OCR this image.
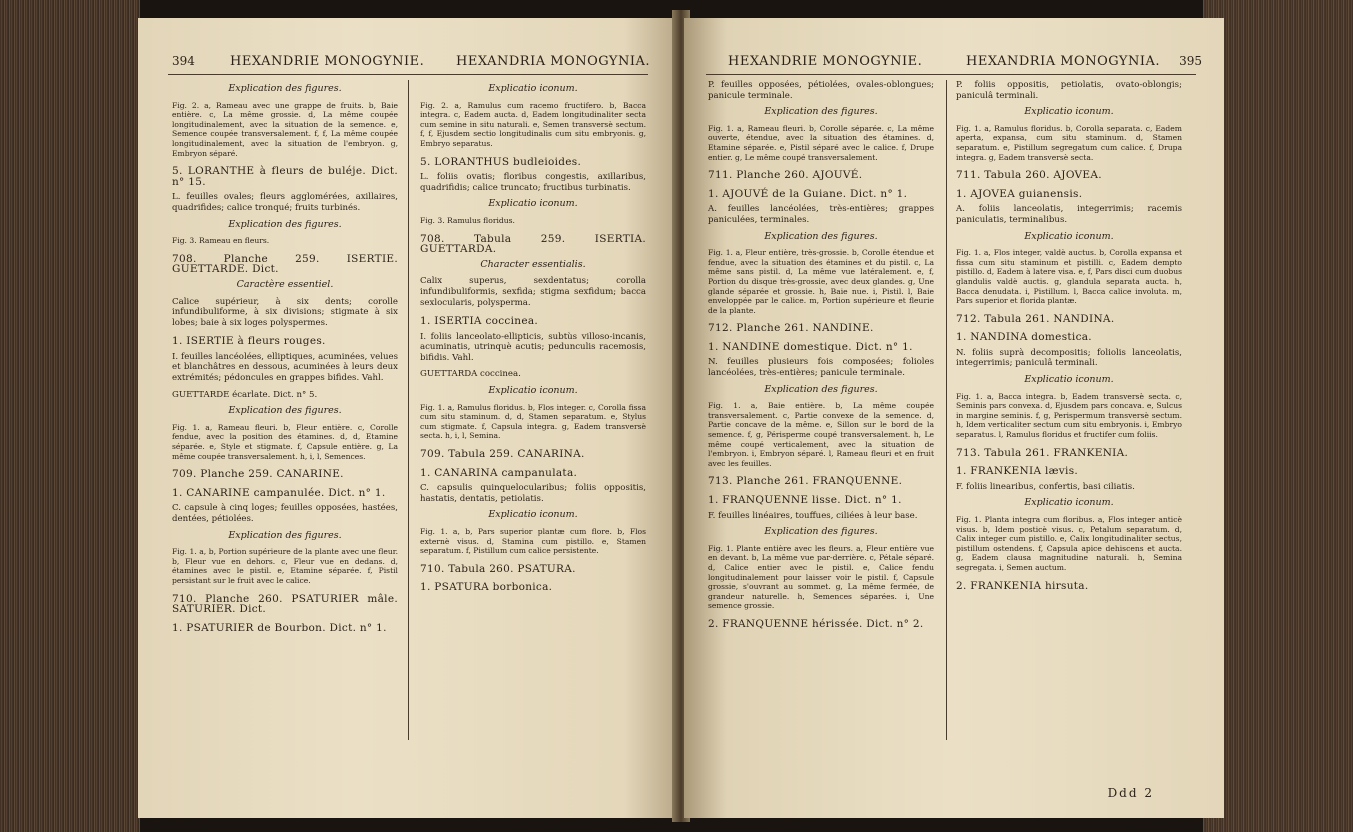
394	HEXANDRIE MONOGYNIE. HEXANDRIA MONOGYNIA.

Explication des figures.

Fig. 2. a, Rameau avec une grappe de fruits. b, Baie entière. c, La même grossie. d, La même coupée longitudinalement, avec la situation de la semence. e, Semence coupée transversalement. f, f, La même coupée longitudinalement, avec la situation de l'embryon. g, Embryon séparé.

5. LORANTHE à fleurs de buléje. Dict. n° 15.

L. feuilles ovales; fleurs agglomérées, axillaires, quadrifides; calice tronqué; fruits turbinés.

Explication des figures.

Fig. 3. Rameau en fleurs.

708. Planche 259. ISERTIE. GUETTARDE. Dict.

Caractère essentiel.

Calice supérieur, à six dents; corolle infundibuliforme, à six divisions; stigmate à six lobes; baie à six loges polyspermes.

1. ISERTIE à fleurs rouges.

I. feuilles lancéolées, elliptiques, acuminées, velues et blanchâtres en dessous, acuminées à leurs deux extrémités; pédoncules en grappes bifides. Vahl.

GUETTARDE écarlate. Dict. n° 5.

Explication des figures.

Fig. 1. a, Rameau fleuri. b, Fleur entière. c, Corolle fendue, avec la position des étamines. d, d, Etamine séparée. e, Style et stigmate. f, Capsule entière. g, La même coupée transversalement. h, i, l, Semences.

709. Planche 259. CANARINE.

1. CANARINE campanulée. Dict. n° 1.

C. capsule à cinq loges; feuilles opposées, hastées, dentées, pétiolées.

Explication des figures.

Fig. 1. a, b, Portion supérieure de la plante avec une fleur. b, Fleur vue en dehors. c, Fleur vue en dedans. d, étamines avec le pistil. e, Etamine séparée. f, Pistil persistant sur le fruit avec le calice.

710. Planche 260. PSATURIER mâle. SATURIER. Dict.

1. PSATURIER de Bourbon. Dict. n° 1.

Explicatio iconum.

Fig. 2. a, Ramulus cum racemo fructifero. b, Bacca integra. c, Eadem aucta. d, Eadem longitudinaliter secta cum semine in situ naturali. e, Semen transversè sectum. f, f, Ejusdem sectio longitudinalis cum situ embryonis. g, Embryo separatus.

5. LORANTHUS budleioides.

L. foliis ovatis; floribus congestis, axillaribus, quadrifidis; calice truncato; fructibus turbinatis.

Explicatio iconum.

Fig. 3. Ramulus floridus.

708. Tabula 259. ISERTIA. GUETTARDA.

Character essentialis.

Calix superus, sexdentatus; corolla infundibuliformis, sexfida; stigma sexfidum; bacca sexlocularis, polysperma.

1. ISERTIA coccinea.

I. foliis lanceolato-ellipticis, subtùs villoso-incanis, acuminatis, utrinquè acutis; pedunculis racemosis, bifidis. Vahl.

GUETTARDA coccinea.

Explicatio iconum.

Fig. 1. a, Ramulus floridus. b, Flos integer. c, Corolla fissa cum situ staminum. d, d, Stamen separatum. e, Stylus cum stigmate. f, Capsula integra. g, Eadem transversè secta. h, i, l, Semina.

709. Tabula 259. CANARINA.

1. CANARINA campanulata.

C. capsulis quinquelocularibus; foliis oppositis, hastatis, dentatis, petiolatis.

Explicatio iconum.

Fig. 1. a, b, Pars superior plantæ cum flore. b, Flos externè visus. d, Stamina cum pistillo. e, Stamen separatum. f, Pistillum cum calice persistente.

710. Tabula 260. PSATURA.

1. PSATURA borbonica.

395
HEXANDRIE MONOGYNIE.	HEXANDRIA MONOGYNIA.

P. feuilles opposées, pétiolées, ovales-oblongues; panicule terminale.

Explication des figures.

Fig. 1. a, Rameau fleuri. b, Corolle séparée. c, La même ouverte, étendue, avec la situation des étamines. d, Etamine séparée. e, Pistil séparé avec le calice. f, Drupe entier. g, Le même coupé transversalement.

711. Planche 260. AJOUVÉ.

1. AJOUVÉ de la Guiane. Dict. n° 1.

A. feuilles lancéolées, très-entières; grappes paniculées, terminales.

Explication des figures.

Fig. 1. a, Fleur entière, très-grossie. b, Corolle étendue et fendue, avec la situation des étamines et du pistil. c, La même sans pistil. d, La même vue latéralement. e, f, Portion du disque très-grossie, avec deux glandes. g, Une glande séparée et grossie. h, Baie nue. i, Pistil. l, Baie enveloppée par le calice. m, Portion supérieure et fleurie de la plante.

712. Planche 261. NANDINE.

1. NANDINE domestique. Dict. n° 1.

N. feuilles plusieurs fois composées; folioles lancéolées, très-entières; panicule terminale.

Explication des figures.

Fig. 1. a, Baie entière. b, La même coupée transversalement. c, Partie convexe de la semence. d, Partie concave de la même. e, Sillon sur le bord de la semence. f, g, Périsperme coupé transversalement. h, Le même coupé verticalement, avec la situation de l'embryon. i, Embryon séparé. l, Rameau fleuri et en fruit avec les feuilles.

713. Planche 261. FRANQUENNE.

1. FRANQUENNE lisse. Dict. n° 1.

F. feuilles linéaires, touffues, ciliées à leur base.

Explication des figures.

Fig. 1. Plante entière avec les fleurs. a, Fleur entière vue en devant. b, La même vue par-derrière. c, Pétale séparé. d, Calice entier avec le pistil. e, Calice fendu longitudinalement pour laisser voir le pistil. f, Capsule grossie, s'ouvrant au sommet. g, La même fermée, de grandeur naturelle. h, Semences séparées. i, Une semence grossie.

2. FRANQUENNE hérissée. Dict. n° 2.

P. foliis oppositis, petiolatis, ovato-oblongis; paniculâ terminali.

Explicatio iconum.

Fig. 1. a, Ramulus floridus. b, Corolla separata. c, Eadem aperta, expansa, cum situ staminum. d, Stamen separatum. e, Pistillum segregatum cum calice. f, Drupa integra. g, Eadem transversè secta.

711. Tabula 260. AJOVEA.

1. AJOVEA guianensis.

A. foliis lanceolatis, integerrimis; racemis paniculatis, terminalibus.

Explicatio iconum.

Fig. 1. a, Flos integer, valdè auctus. b, Corolla expansa et fissa cum situ staminum et pistilli. c, Eadem dempto pistillo. d, Eadem à latere visa. e, f, Pars disci cum duobus glandulis valdè auctis. g, glandula separata aucta. h, Bacca denudata. i, Pistillum. l, Bacca calice involuta. m, Pars superior et florida plantæ.

712. Tabula 261. NANDINA.

1. NANDINA domestica.

N. foliis suprà decompositis; foliolis lanceolatis, integerrimis; paniculâ terminali.

Explicatio iconum.

Fig. 1. a, Bacca integra. b, Eadem transversè secta. c, Seminis pars convexa. d, Ejusdem pars concava. e, Sulcus in margine seminis. f, g, Perispermum transversè sectum. h, Idem verticaliter sectum cum situ embryonis. i, Embryo separatus. l, Ramulus floridus et fructifer cum foliis.

713. Tabula 261. FRANKENIA.

1. FRANKENIA lævis.

F. foliis linearibus, confertis, basi ciliatis.

Explicatio iconum.

Fig. 1. Planta integra cum floribus. a, Flos integer anticè visus. b, Idem posticè visus. c, Petalum separatum. d, Calix integer cum pistillo. e, Calix longitudinaliter sectus, pistillum ostendens. f, Capsula apice dehiscens et aucta. g, Eadem clausa magnitudine naturali. h, Semina segregata. i, Semen auctum.

2. FRANKENIA hirsuta.

Ddd 2
